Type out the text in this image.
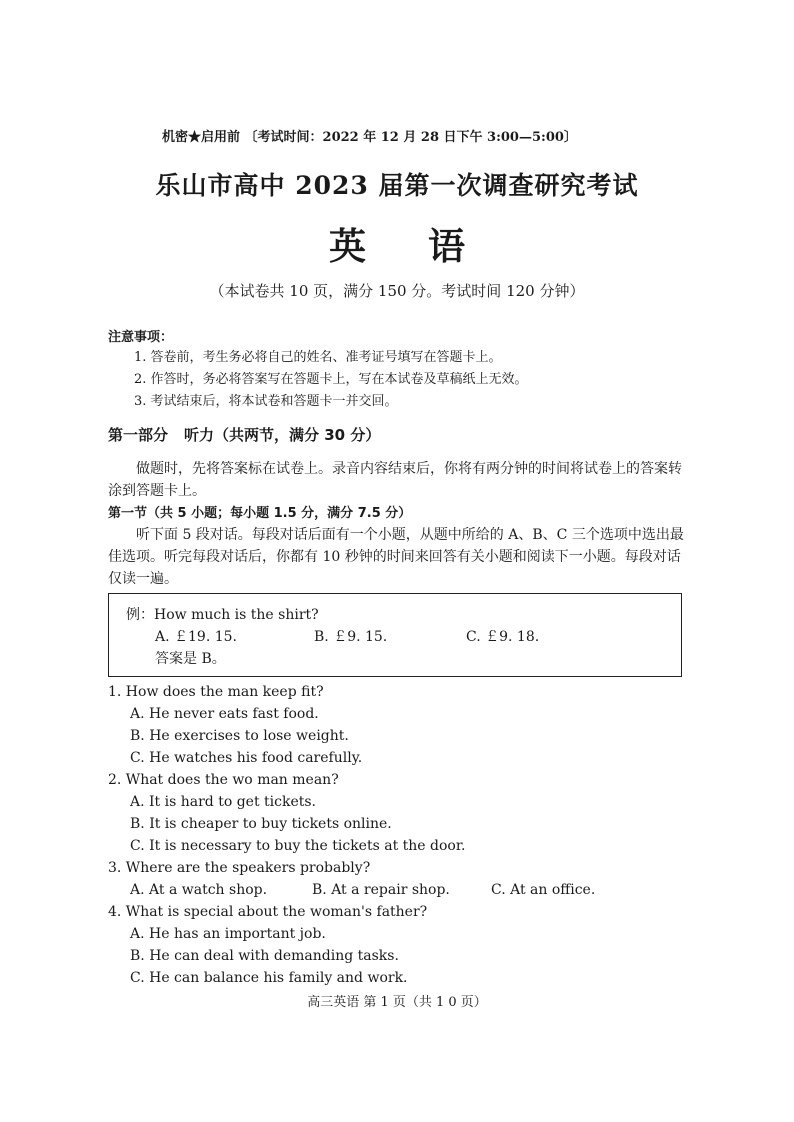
机密★启用前 〔考试时间：2022 年 12 月 28 日下午 3:00—5:00〕
乐山市高中 2023 届第一次调查研究考试
英语
（本试卷共 10 页，满分 150 分。考试时间 120 分钟）
注意事项：
1. 答卷前，考生务必将自己的姓名、准考证号填写在答题卡上。
2. 作答时，务必将答案写在答题卡上，写在本试卷及草稿纸上无效。
3. 考试结束后，将本试卷和答题卡一并交回。
第一部分 听力（共两节，满分 30 分）
做题时，先将答案标在试卷上。录音内容结束后，你将有两分钟的时间将试卷上的答案转涂到答题卡上。
第一节（共 5 小题；每小题 1.5 分，满分 7.5 分）
听下面 5 段对话。每段对话后面有一个小题，从题中所给的 A、B、C 三个选项中选出最佳选项。听完每段对话后，你都有 10 秒钟的时间来回答有关小题和阅读下一小题。每段对话仅读一遍。
例：How much is the shirt?
A. ￡19. 15.	B. ￡9. 15.	C. ￡9. 18.
答案是 B。
1. How does the man keep fit?
A. He never eats fast food.
B. He exercises to lose weight.
C. He watches his food carefully.
2. What does the wo man mean?
A. It is hard to get tickets.
B. It is cheaper to buy tickets online.
C. It is necessary to buy the tickets at the door.
3. Where are the speakers probably?
A. At a watch shop.	B. At a repair shop.	C. At an office.
4. What is special about the woman's father?
A. He has an important job.
B. He can deal with demanding tasks.
C. He can balance his family and work.
高三英语 第 1 页（共 1 0 页）
